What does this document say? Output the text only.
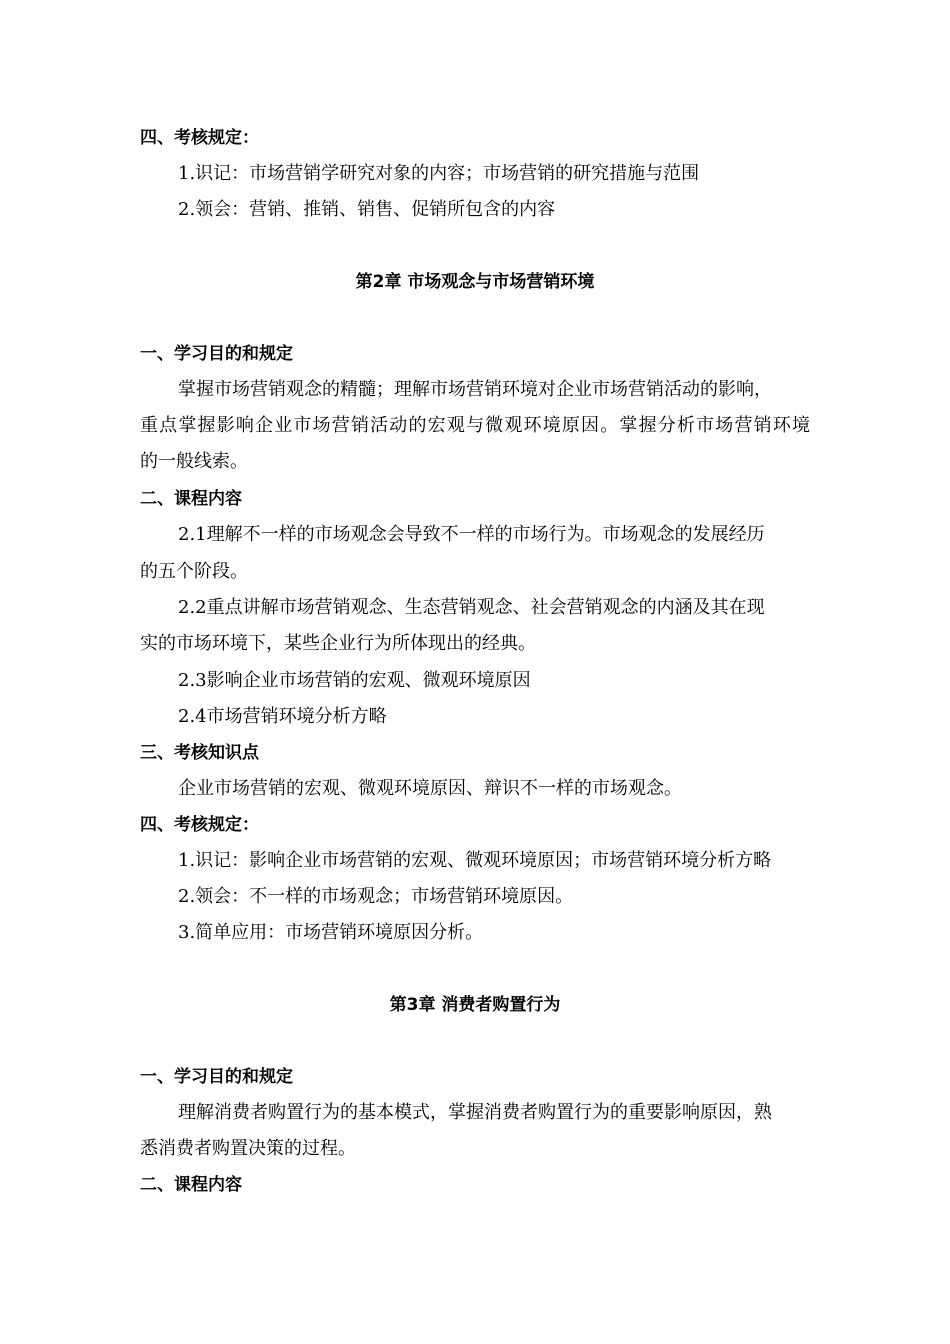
四、考核规定：
1.识记：市场营销学研究对象的内容；市场营销的研究措施与范围
2.领会：营销、推销、销售、促销所包含的内容
第2章 市场观念与市场营销环境
一、学习目的和规定
掌握市场营销观念的精髓；理解市场营销环境对企业市场营销活动的影响，
重点掌握影响企业市场营销活动的宏观与微观环境原因。掌握分析市场营销环境
的一般线索。
二、课程内容
2.1理解不一样的市场观念会导致不一样的市场行为。市场观念的发展经历
的五个阶段。
2.2重点讲解市场营销观念、生态营销观念、社会营销观念的内涵及其在现
实的市场环境下，某些企业行为所体现出的经典。
2.3影响企业市场营销的宏观、微观环境原因
2.4市场营销环境分析方略
三、考核知识点
企业市场营销的宏观、微观环境原因、辩识不一样的市场观念。
四、考核规定：
1.识记：影响企业市场营销的宏观、微观环境原因；市场营销环境分析方略
2.领会：不一样的市场观念；市场营销环境原因。
3.简单应用：市场营销环境原因分析。
第3章 消费者购置行为
一、学习目的和规定
理解消费者购置行为的基本模式，掌握消费者购置行为的重要影响原因，熟
悉消费者购置决策的过程。
二、课程内容
